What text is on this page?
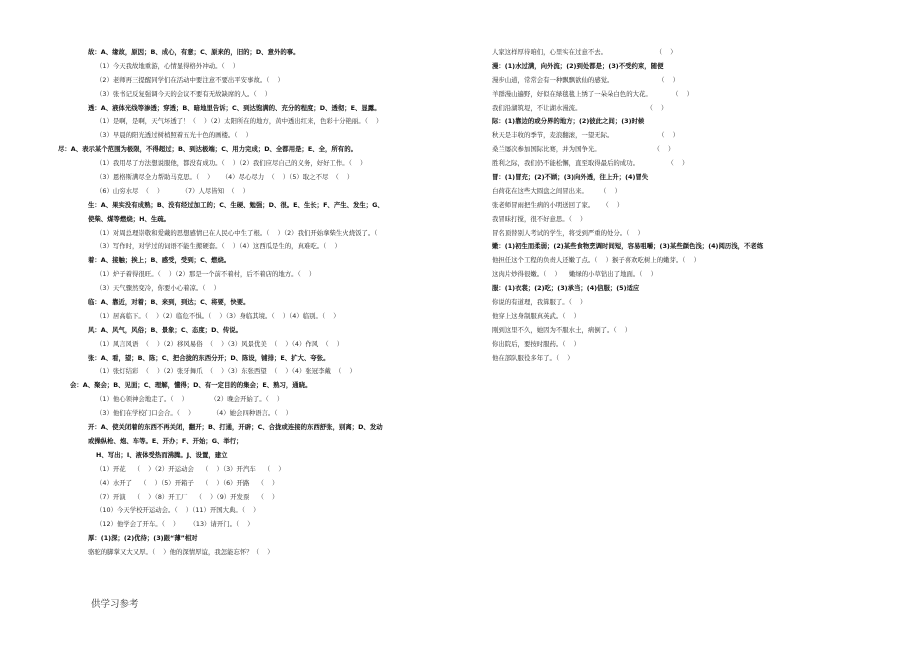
故：A、缘故，原因；B、成心，有意；C、原来的，旧的；D、意外的事。
（1）今天我故地重游，心情显得格外冲动。（    ）
（2）老师再三提醒同学们在活动中要注意不要出平安事故。（    ）
（3）张书记反复强调今天的会议不要有无故缺席的人。（    ）
透：A、液体光线等渗透；穿透；B、暗地里告诉；C、到达饱满的、充分的程度；D、透彻；E、显露。
（1）是啊，是啊，天气坏透了！（    ）（2）太阳所在的地方，黄中透出红来，色彩十分艳丽。（    ）
（3）早晨的阳光透过树梢照着五光十色的画楼。（    ）
尽：A、表示某个范围为极限，不得超过；B、到达极端；C、用力完成；D、全都用是；E、全，所有的。
（1）我用尽了方法想说服他，都没有成功。（    ）（2）我们应尽自己的义务，好好工作。（    ）
（3）恩格斯满尽全力帮助马克思。（    ）    （4）尽心尽力  （    ）（5）取之不尽  （    ）
（6）山穷水尽  （    ）         （7）人尽皆知  （    ）
生：A、果实没有成熟；B、没有经过加工的；C、生硬、勉强；D、很。E、生长；F、产生、发生；G、
使柴、煤等燃烧；H、生疏。
（1）对周总理崇敬和爱戴的思想感情已在人民心中生了根。（    ）（2）我们开始拿柴生火烧饭了。（
（3）写作时，对学过的词语不能生搬硬套。（    ）（4）这西瓜是生的，真难吃。（    ）
着：A、接触；挨上；B、感受，受到；C、燃烧。
（1）炉子着得很旺。（    ）（2）那是一个前不着村，后不着店的地方。（    ）
（3）天气骤然变冷，你要小心着凉。（    ）
临：A、靠近，对着；B、来到，到达；C、将要，快要。
（1）居高临下。（    ）（2）临危不惧。（    ）（3）身临其境。（    ）（4）临别。（    ）
风：A、风气，风俗；B、景象；C、态度；D、传说。
（1）风言风语  （    ）（2）移风易俗  （    ）（3）风景优美  （    ）（4）作风  （    ）
张：A、看，望；B、陈；C、把合拢的东西分开；D、陈设，铺排；E、扩大、夸张。
（1）张灯结彩  （    ）（2）张牙舞爪  （    ）（3）东张西望  （    ）（4）张冠李戴  （    ）
会：A、聚会；B、见面；C、理解，懂得；D、有一定目的的集会；E、熟习，通晓。
（1）他心领神会地走了。（    ）           （2）晚会开始了。（    ）
（3）他们在学校门口会合。（    ）         （4）她会四种语言。（    ）
开：A、使关闭着的东西不再关闭，翻开；B、打通，开辟；C、合拢或连接的东西舒张，别离；D、发动
或操纵枪、炮、车等。E、开办；F、开始；G、举行；
H、写出；I、液体受热而沸腾。J、设置，建立
（1）开花    （    ）（2）开运动会    （    ）（3）开汽车    （    ）
（4）水开了    （    ）（5）开箱子    （    ）（6）开路    （    ）
（7）开演    （    ）（8）开工厂    （    ）（9）开发票    （    ）
（10）今天学校开运动会。（    ）（11）开国大典。（    ）
（12）他学会了开车。（    ）     （13）请开门。（    ）
厚：(1)深；(2)优待；(3)跟“薄”相对
骆驼的脚掌又大又厚。（    ）他的深情厚谊，我怎能忘怀？（    ）
人家这样厚待咱们，心里实在过意不去。                        （    ）
漫：(1)水过满，向外流；(2)到处都是；(3)不受约束，随便
漫步山道，常常会有一种飘飘欲仙的感觉。                      （    ）
羊群漫山遍野，好似在绿毯毯上绣了一朵朵白色的大花。          （    ）
我们沿湖筑堤，不让湖水漫流。                                （    ）
际：(1)靠边的或分界的地方；(2)彼此之间；(3)时候
秋天是丰收的季节，麦浪翻滚，一望无际。                      （    ）
桑兰屡次参加国际比赛，并为国争光。                          （    ）
胜利之际，我们仍不能松懈，直至取得最后的成功。              （    ）
冒：(1)冒充；(2)不顾；(3)向外透，往上升；(4)冒失
白荷花在这些大圆盘之间冒出来。      （    ）
张老师冒雨把生病的小明送回了家。    （    ）
我冒昧打搅，很不好意思。（    ）
冒名顶替别人考试的学生，将受到严重的处分。（    ）
嫩：(1)初生而柔弱；(2)某些食物烹调时间短，容易咀嚼；(3)某些颜色浅；(4)阅历浅，不老练
他担任这个工程的负责人还嫩了点。（    ）猴子喜欢吃树上的嫩芽。（    ）
这肉片炒得很嫩。（    ）    嫩绿的小草钻出了地面。（    ）
服：(1)衣裳；(2)吃；(3)承当；(4)信服；(5)适应
你说的有道理，我算服了。（    ）
他穿上这身制服真英武。（    ）
刚到这里不久，她因为不服水土，病倒了。（    ）
你出院后，要按时服药。（    ）
他在部队服役多年了。（    ）
供学习参考
